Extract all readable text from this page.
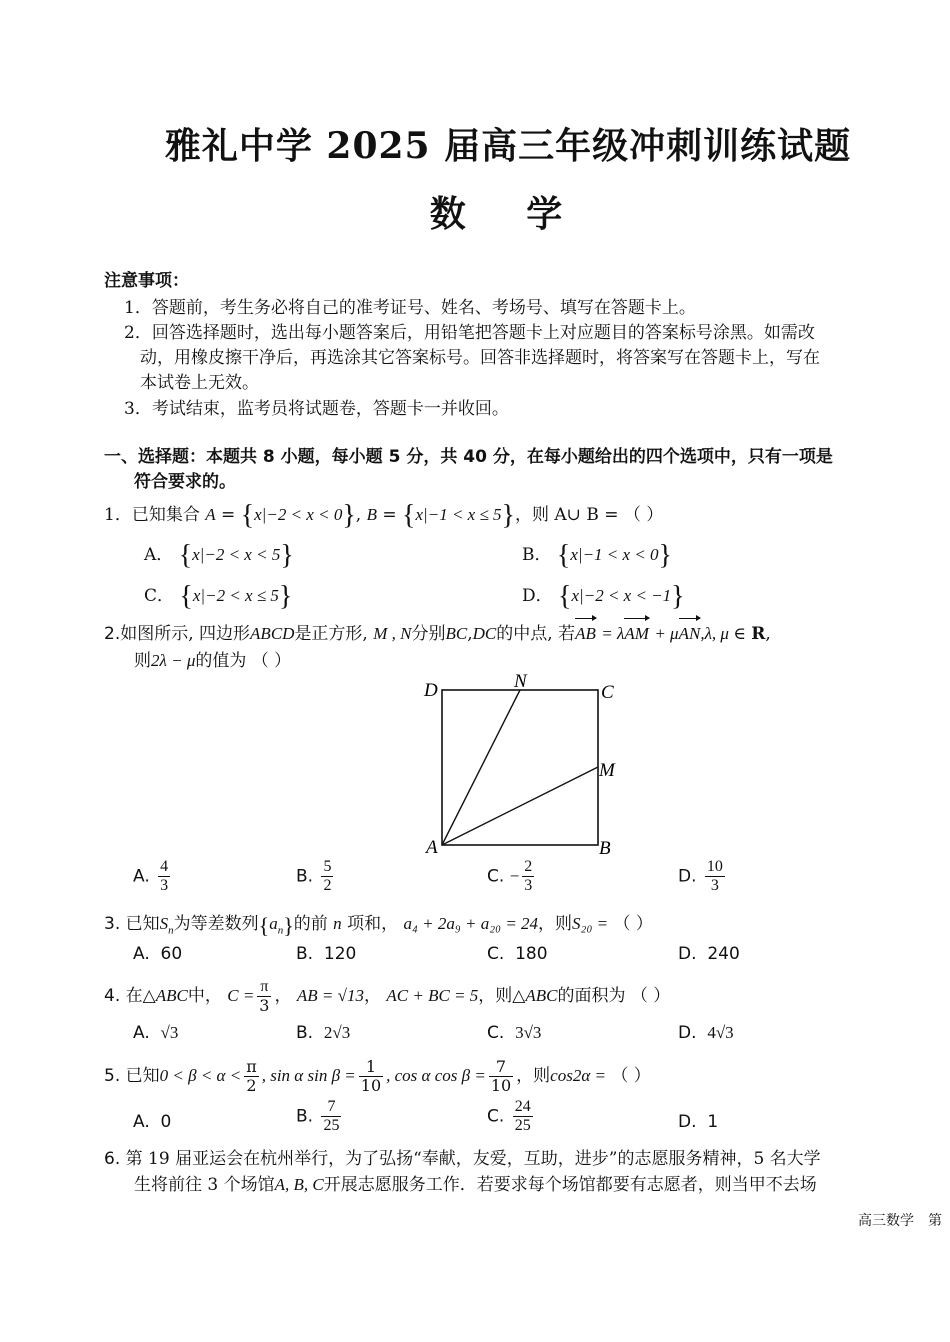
雅礼中学 2025 届高三年级冲刺训练试题
数 学
注意事项：
1．答题前，考生务必将自己的准考证号、姓名、考场号、填写在答题卡上。
2．回答选择题时，选出每小题答案后，用铅笔把答题卡上对应题目的答案标号涂黑。如需改
动，用橡皮擦干净后，再选涂其它答案标号。回答非选择题时，将答案写在答题卡上，写在
本试卷上无效。
3．考试结束，监考员将试题卷，答题卡一并收回。
一、选择题：本题共 8 小题，每小题 5 分，共 40 分，在每小题给出的四个选项中，只有一项是
符合要求的。
1．已知集合 A = {x|−2 < x < 0}, B = {x|−1 < x ≤ 5}，则 A∪ B = （ ）
A． {x|−2 < x < 5}	B． {x|−1 < x < 0}
C． {x|−2 < x ≤ 5}	D． {x|−2 < x < −1}
2.如图所示, 四边形ABCD是正方形, M , N分别BC,DC的中点, 若AB = λAM + μAN,λ, μ ∈ R,
则2λ − μ的值为 （ ）
D	N
C
M
A	B
A. $\frac{4}{3}$	B. $\frac{5}{2}$	C. − $\frac{2}{3}$	D. $\frac{10}{3}$
3. 已知$S_n$为等差数列$\{a_n\}$的前 n 项和， a₄ + 2a₉ + a₂₀ = 24，则S₂₀ = （ ）
A. 60	B. 120	C. 180	D. 240
4. 在△ABC中， $C = \frac{\pi}{3}$ ， AB = √13， AC + BC = 5，则△ABC的面积为 （ ）
A. √3	B. 2√3	C. 3√3	D. 4√3
5. 已知$0 < \beta < \alpha < \frac{\pi}{2}$ , sin α $\sin \beta = \frac{1}{10}$ , cos α $\cos \beta = \frac{7}{10}$ ，则cos2α = （ ）
A. 0	B. $\frac{7}{25}$	C. $\frac{24}{25}$	D. 1
6. 第 19 届亚运会在杭州举行，为了弘扬“奉献，友爱，互助，进步”的志愿服务精神，5 名大学
生将前往 3 个场馆A, B, C开展志愿服务工作．若要求每个场馆都要有志愿者，则当甲不去场
高三数学　第
